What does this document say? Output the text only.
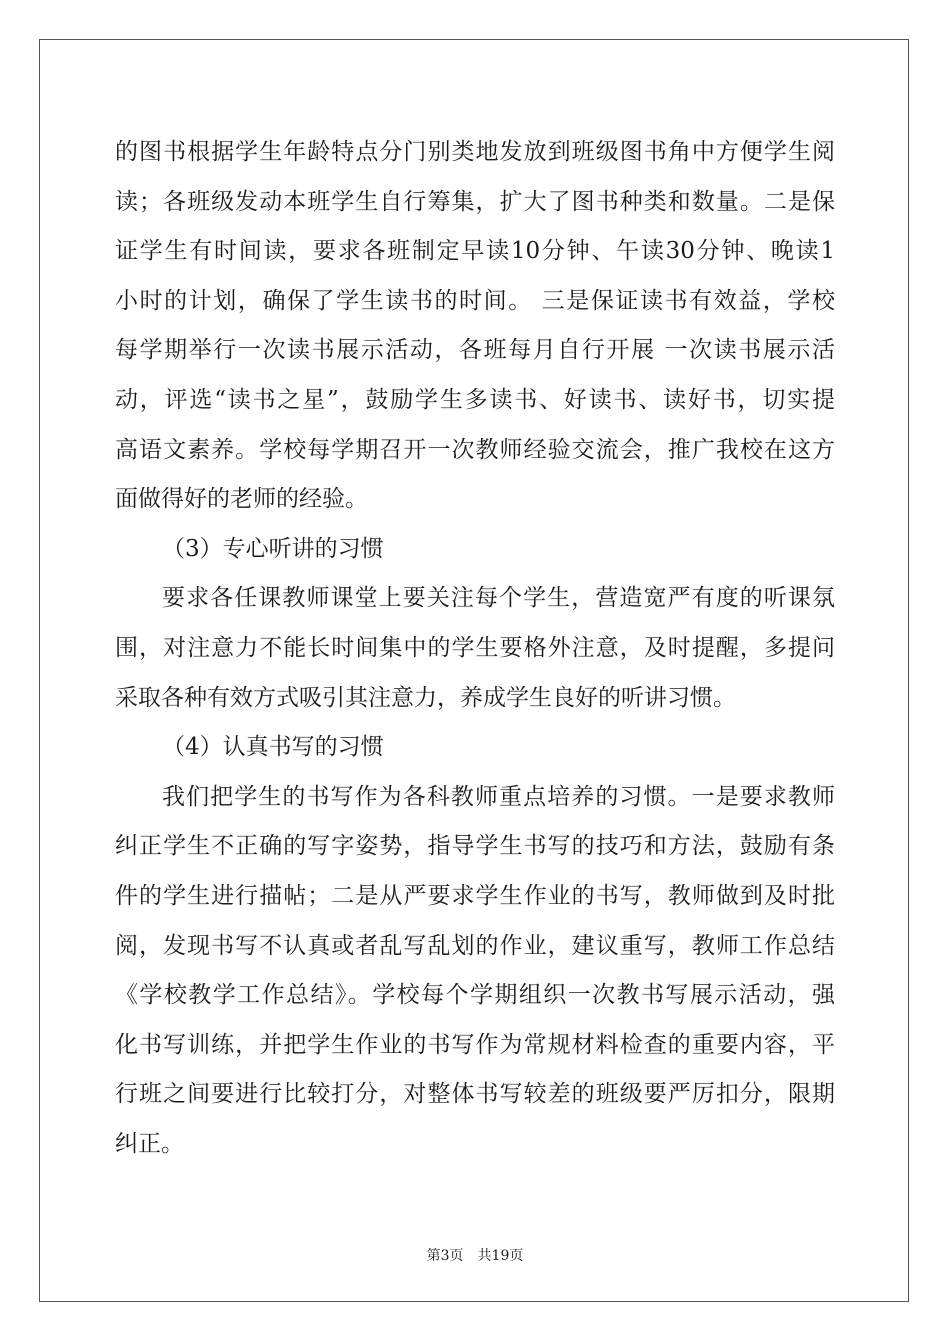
的图书根据学生年龄特点分门别类地发放到班级图书角中方便学生阅
读；各班级发动本班学生自行筹集，扩大了图书种类和数量。二是保
证学生有时间读，要求各班制定早读10分钟、午读30分钟、晚读1
小时的计划，确保了学生读书的时间。 三是保证读书有效益，学校
每学期举行一次读书展示活动，各班每月自行开展 一次读书展示活
动，评选“读书之星”，鼓励学生多读书、好读书、读好书，切实提
高语文素养。学校每学期召开一次教师经验交流会，推广我校在这方
面做得好的老师的经验。
（3）专心听讲的习惯
要求各任课教师课堂上要关注每个学生，营造宽严有度的听课氛
围，对注意力不能长时间集中的学生要格外注意，及时提醒，多提问
采取各种有效方式吸引其注意力，养成学生良好的听讲习惯。
（4）认真书写的习惯
我们把学生的书写作为各科教师重点培养的习惯。一是要求教师
纠正学生不正确的写字姿势，指导学生书写的技巧和方法，鼓励有条
件的学生进行描帖；二是从严要求学生作业的书写，教师做到及时批
阅，发现书写不认真或者乱写乱划的作业，建议重写，教师工作总结
《学校教学工作总结》。学校每个学期组织一次教书写展示活动，强
化书写训练，并把学生作业的书写作为常规材料检查的重要内容，平
行班之间要进行比较打分，对整体书写较差的班级要严厉扣分，限期
纠正。
第3页　共19页
